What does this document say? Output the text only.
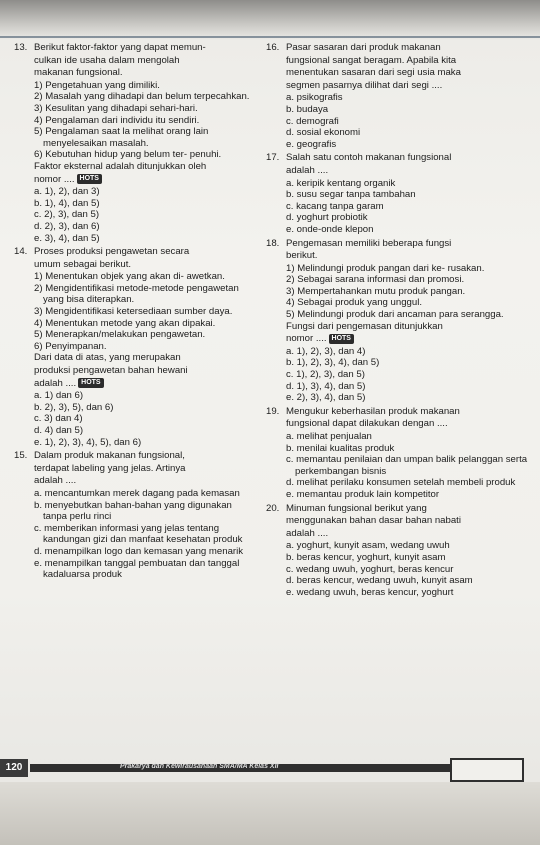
13. Berikut faktor-faktor yang dapat memun-
culkan ide usaha dalam mengolah
makanan fungsional.
1) Pengetahuan yang dimiliki.
2) Masalah yang dihadapi dan belum terpecahkan.
3) Kesulitan yang dihadapi sehari-hari.
4) Pengalaman dari individu itu sendiri.
5) Pengalaman saat la melihat orang lain menyelesaikan masalah.
6) Kebutuhan hidup yang belum ter- penuhi.
Faktor eksternal adalah ditunjukkan oleh
nomor .... HOTS
a. 1), 2), dan 3)
b. 1), 4), dan 5)
c. 2), 3), dan 5)
d. 2), 3), dan 6)
e. 3), 4), dan 5)
14. Proses produksi pengawetan secara
umum sebagai berikut.
1) Menentukan objek yang akan di- awetkan.
2) Mengidentifikasi metode-metode pengawetan yang bisa diterapkan.
3) Mengidentifikasi ketersediaan sumber daya.
4) Menentukan metode yang akan dipakai.
5) Menerapkan/melakukan pengawetan.
6) Penyimpanan.
Dari data di atas, yang merupakan
produksi pengawetan bahan hewani
adalah .... HOTS
a. 1) dan 6)
b. 2), 3), 5), dan 6)
c. 3) dan 4)
d. 4) dan 5)
e. 1), 2), 3), 4), 5), dan 6)
15. Dalam produk makanan fungsional,
terdapat labeling yang jelas. Artinya
adalah ....
a. mencantumkan merek dagang pada kemasan
b. menyebutkan bahan-bahan yang digunakan tanpa perlu rinci
c. memberikan informasi yang jelas tentang kandungan gizi dan manfaat kesehatan produk
d. menampilkan logo dan kemasan yang menarik
e. menampilkan tanggal pembuatan dan tanggal kadaluarsa produk
16. Pasar sasaran dari produk makanan
fungsional sangat beragam. Apabila kita
menentukan sasaran dari segi usia maka
segmen pasarnya dilihat dari segi ....
a. psikografis
b. budaya
c. demografi
d. sosial ekonomi
e. geografis
17. Salah satu contoh makanan fungsional
adalah ....
a. keripik kentang organik
b. susu segar tanpa tambahan
c. kacang tanpa garam
d. yoghurt probiotik
e. onde-onde klepon
18. Pengemasan memiliki beberapa fungsi
berikut.
1) Melindungi produk pangan dari ke- rusakan.
2) Sebagai sarana informasi dan promosi.
3) Mempertahankan mutu produk pangan.
4) Sebagai produk yang unggul.
5) Melindungi produk dari ancaman para serangga.
Fungsi dari pengemasan ditunjukkan
nomor .... HOTS
a. 1), 2), 3), dan 4)
b. 1), 2), 3), 4), dan 5)
c. 1), 2), 3), dan 5)
d. 1), 3), 4), dan 5)
e. 2), 3), 4), dan 5)
19. Mengukur keberhasilan produk makanan
fungsional dapat dilakukan dengan ....
a. melihat penjualan
b. menilai kualitas produk
c. memantau penilaian dan umpan balik pelanggan serta perkembangan bisnis
d. melihat perilaku konsumen setelah membeli produk
e. memantau produk lain kompetitor
20. Minuman fungsional berikut yang
menggunakan bahan dasar bahan nabati
adalah ....
a. yoghurt, kunyit asam, wedang uwuh
b. beras kencur, yoghurt, kunyit asam
c. wedang uwuh, yoghurt, beras kencur
d. beras kencur, wedang uwuh, kunyit asam
e. wedang uwuh, beras kencur, yoghurt
120	Prakarya dan Kewirausahaan SMA/MA Kelas XII
